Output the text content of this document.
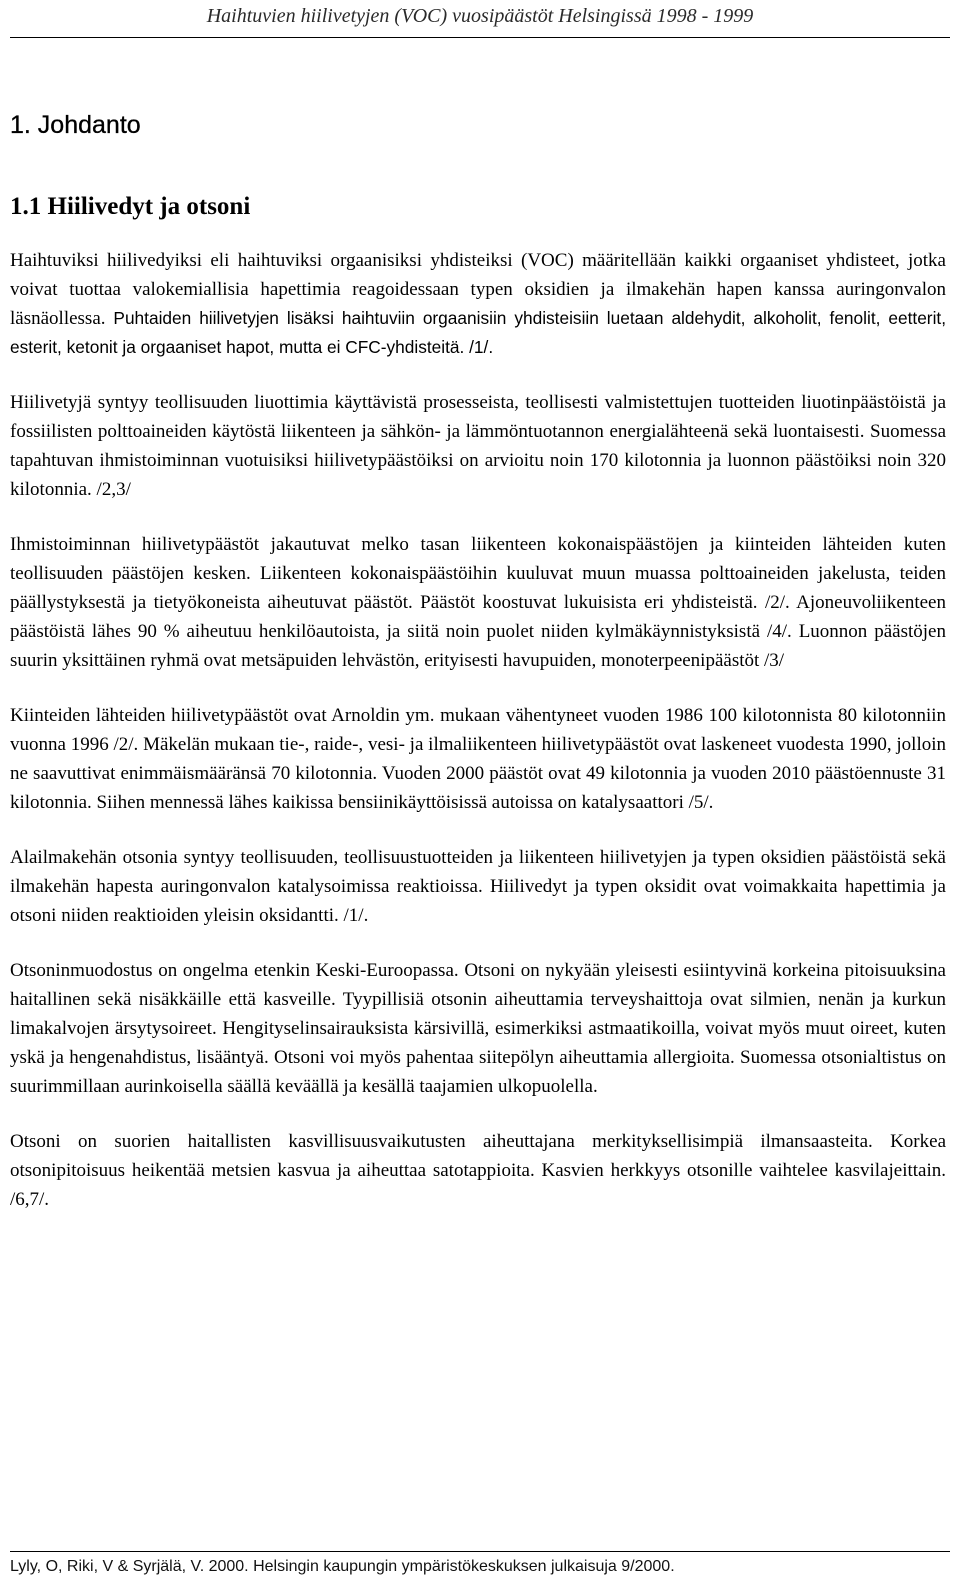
Haihtuvien hiilivetyjen (VOC) vuosipäästöt Helsingissä 1998 - 1999
1. Johdanto
1.1 Hiilivedyt ja otsoni

Haihtuviksi hiilivedyiksi eli haihtuviksi orgaanisiksi yhdisteiksi (VOC) määritellään kaikki orgaaniset yhdisteet, jotka voivat tuottaa valokemiallisia hapettimia reagoidessaan typen oksidien ja ilmakehän hapen kanssa auringonvalon läsnäollessa. Puhtaiden hiilivetyjen lisäksi haihtuviin orgaanisiin yhdisteisiin luetaan aldehydit, alkoholit, fenolit, eetterit, esterit, ketonit ja orgaaniset hapot, mutta ei CFC-yhdisteitä. /1/.

Hiilivetyjä syntyy teollisuuden liuottimia käyttävistä prosesseista, teollisesti valmistettujen tuotteiden liuotinpäästöistä ja fossiilisten polttoaineiden käytöstä liikenteen ja sähkön- ja lämmöntuotannon energialähteenä sekä luontaisesti. Suomessa tapahtuvan ihmistoiminnan vuotuisiksi hiilivetypäästöiksi on arvioitu noin 170 kilotonnia ja luonnon päästöiksi noin 320 kilotonnia. /2,3/

Ihmistoiminnan hiilivetypäästöt jakautuvat melko tasan liikenteen kokonaispäästöjen ja kiinteiden lähteiden kuten teollisuuden päästöjen kesken. Liikenteen kokonaispäästöihin kuuluvat muun muassa polttoaineiden jakelusta, teiden päällystyksestä ja tietyökoneista aiheutuvat päästöt. Päästöt koostuvat lukuisista eri yhdisteistä. /2/. Ajoneuvoliikenteen päästöistä lähes 90 % aiheutuu henkilöautoista, ja siitä noin puolet niiden kylmäkäynnistyksistä /4/. Luonnon päästöjen suurin yksittäinen ryhmä ovat metsäpuiden lehvästön, erityisesti havupuiden, monoterpeenipäästöt /3/

Kiinteiden lähteiden hiilivetypäästöt ovat Arnoldin ym. mukaan vähentyneet vuoden 1986 100 kilotonnista 80 kilotonniin vuonna 1996 /2/. Mäkelän mukaan tie-, raide-, vesi- ja ilmaliikenteen hiilivetypäästöt ovat laskeneet vuodesta 1990, jolloin ne saavuttivat enimmäismääränsä 70 kilotonnia. Vuoden 2000 päästöt ovat 49 kilotonnia ja vuoden 2010 päästöennuste 31 kilotonnia. Siihen mennessä lähes kaikissa bensiinikäyttöisissä autoissa on katalysaattori /5/.

Alailmakehän otsonia syntyy teollisuuden, teollisuustuotteiden ja liikenteen hiilivetyjen ja typen oksidien päästöistä sekä ilmakehän hapesta auringonvalon katalysoimissa reaktioissa. Hiilivedyt ja typen oksidit ovat voimakkaita hapettimia ja otsoni niiden reaktioiden yleisin oksidantti. /1/.

Otsoninmuodostus on ongelma etenkin Keski-Euroopassa. Otsoni on nykyään yleisesti esiintyvinä korkeina pitoisuuksina haitallinen sekä nisäkkäille että kasveille. Tyypillisiä otsonin aiheuttamia terveyshaittoja ovat silmien, nenän ja kurkun limakalvojen ärsytysoireet. Hengityselinsairauksista kärsivillä, esimerkiksi astmaatikoilla, voivat myös muut oireet, kuten yskä ja hengenahdistus, lisääntyä. Otsoni voi myös pahentaa siitepölyn aiheuttamia allergioita. Suomessa otsonialtistus on suurimmillaan aurinkoisella säällä keväällä ja kesällä taajamien ulkopuolella.

Otsoni on suorien haitallisten kasvillisuusvaikutusten aiheuttajana merkityksellisimpiä ilmansaasteita. Korkea otsonipitoisuus heikentää metsien kasvua ja aiheuttaa satotappioita. Kasvien herkkyys otsonille vaihtelee kasvilajeittain. /6,7/.

Lyly, O, Riki, V & Syrjälä, V. 2000. Helsingin kaupungin ympäristökeskuksen julkaisuja 9/2000.
